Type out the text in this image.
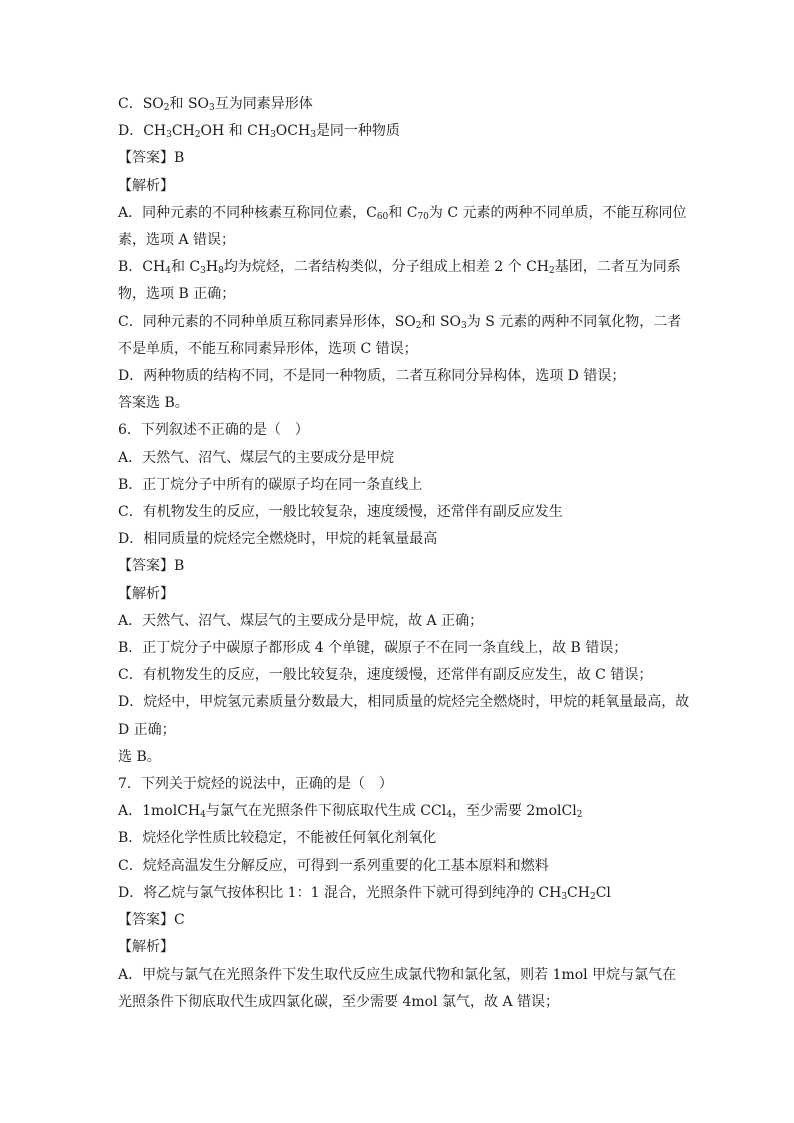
C．$SO_2$和 $SO_3$互为同素异形体
D．$CH_3CH_2OH$ 和 $CH_3OCH_3$是同一种物质
【答案】B
【解析】
A．同种元素的不同种核素互称同位素，$C_{60}$和 $C_{70}$为 C 元素的两种不同单质，不能互称同位素，选项 A 错误；
B．$CH_4$和 $C_3H_8$均为烷烃，二者结构类似，分子组成上相差 2 个 $CH_2$基团，二者互为同系物，选项 B 正确；
C．同种元素的不同种单质互称同素异形体，$SO_2$和 $SO_3$为 S 元素的两种不同氧化物，二者不是单质，不能互称同素异形体，选项 C 错误；
D．两种物质的结构不同，不是同一种物质，二者互称同分异构体，选项 D 错误；
答案选 B。
6．下列叙述不正确的是（　）
A．天然气、沼气、煤层气的主要成分是甲烷
B．正丁烷分子中所有的碳原子均在同一条直线上
C．有机物发生的反应，一般比较复杂，速度缓慢，还常伴有副反应发生
D．相同质量的烷烃完全燃烧时，甲烷的耗氧量最高
【答案】B
【解析】
A．天然气、沼气、煤层气的主要成分是甲烷，故 A 正确；
B．正丁烷分子中碳原子都形成 4 个单键，碳原子不在同一条直线上，故 B 错误；
C．有机物发生的反应，一般比较复杂，速度缓慢，还常伴有副反应发生，故 C 错误；
D．烷烃中，甲烷氢元素质量分数最大，相同质量的烷烃完全燃烧时，甲烷的耗氧量最高，故 D 正确；
选 B。
7．下列关于烷烃的说法中，正确的是（　）
A．1molCH$_4$与氯气在光照条件下彻底取代生成 CCl$_4$，至少需要 2molCl$_2$
B．烷烃化学性质比较稳定，不能被任何氧化剂氧化
C．烷烃高温发生分解反应，可得到一系列重要的化工基本原料和燃料
D．将乙烷与氯气按体积比 1：1 混合，光照条件下就可得到纯净的 $CH_3CH_2Cl$
【答案】C
【解析】
A．甲烷与氯气在光照条件下发生取代反应生成氯代物和氯化氢，则若 1mol 甲烷与氯气在光照条件下彻底取代生成四氯化碳，至少需要 4mol 氯气，故 A 错误；
